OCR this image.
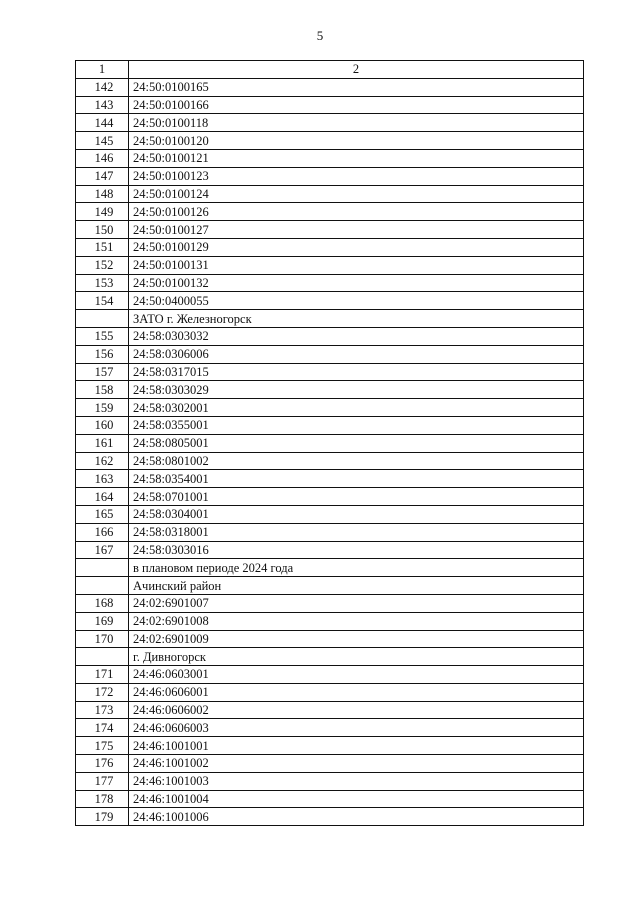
5
1	2
142	24:50:0100165
143	24:50:0100166
144	24:50:0100118
145	24:50:0100120
146	24:50:0100121
147	24:50:0100123
148	24:50:0100124
149	24:50:0100126
150	24:50:0100127
151	24:50:0100129
152	24:50:0100131
153	24:50:0100132
154	24:50:0400055
	ЗАТО г. Железногорск
155	24:58:0303032
156	24:58:0306006
157	24:58:0317015
158	24:58:0303029
159	24:58:0302001
160	24:58:0355001
161	24:58:0805001
162	24:58:0801002
163	24:58:0354001
164	24:58:0701001
165	24:58:0304001
166	24:58:0318001
167	24:58:0303016
	в плановом периоде 2024 года
	Ачинский район
168	24:02:6901007
169	24:02:6901008
170	24:02:6901009
	г. Дивногорск
171	24:46:0603001
172	24:46:0606001
173	24:46:0606002
174	24:46:0606003
175	24:46:1001001
176	24:46:1001002
177	24:46:1001003
178	24:46:1001004
179	24:46:1001006
